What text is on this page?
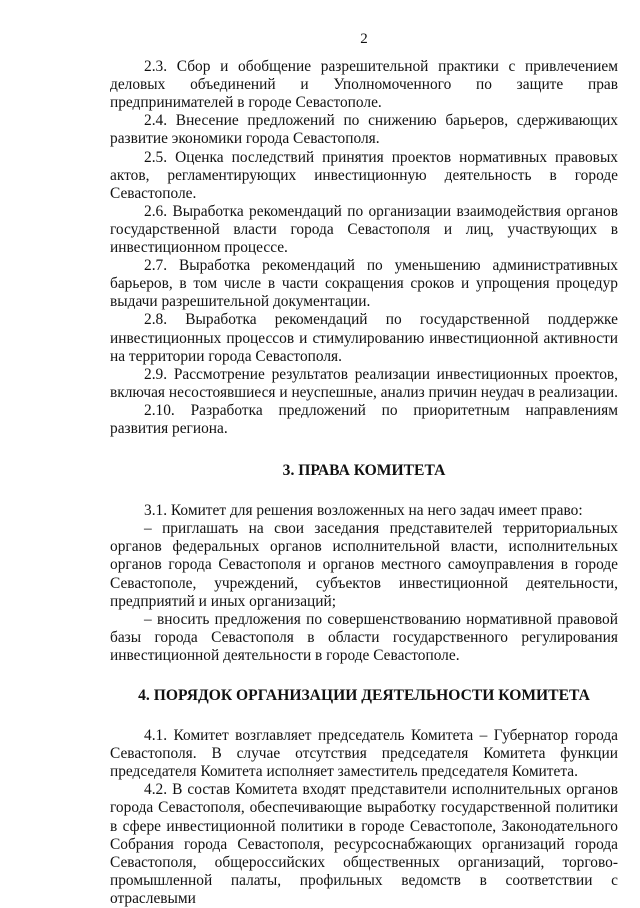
2

2.3. Сбор и обобщение разрешительной практики с привлечением деловых объединений и Уполномоченного по защите прав предпринимателей в городе Севастополе.

2.4. Внесение предложений по снижению барьеров, сдерживающих развитие экономики города Севастополя.

2.5. Оценка последствий принятия проектов нормативных правовых актов, регламентирующих инвестиционную деятельность в городе Севастополе.

2.6. Выработка рекомендаций по организации взаимодействия органов государственной власти города Севастополя и лиц, участвующих в инвестиционном процессе.

2.7. Выработка рекомендаций по уменьшению административных барьеров, в том числе в части сокращения сроков и упрощения процедур выдачи разрешительной документации.

2.8. Выработка рекомендаций по государственной поддержке инвестиционных процессов и стимулированию инвестиционной активности на территории города Севастополя.

2.9. Рассмотрение результатов реализации инвестиционных проектов, включая несостоявшиеся и неуспешные, анализ причин неудач в реализации.

2.10. Разработка предложений по приоритетным направлениям развития региона.

3. ПРАВА КОМИТЕТА

3.1. Комитет для решения возложенных на него задач имеет право:

– приглашать на свои заседания представителей территориальных органов федеральных органов исполнительной власти, исполнительных органов города Севастополя и органов местного самоуправления в городе Севастополе, учреждений, субъектов инвестиционной деятельности, предприятий и иных организаций;

– вносить предложения по совершенствованию нормативной правовой базы города Севастополя в области государственного регулирования инвестиционной деятельности в городе Севастополе.

4. ПОРЯДОК ОРГАНИЗАЦИИ ДЕЯТЕЛЬНОСТИ КОМИТЕТА

4.1. Комитет возглавляет председатель Комитета – Губернатор города Севастополя. В случае отсутствия председателя Комитета функции председателя Комитета исполняет заместитель председателя Комитета.

4.2. В состав Комитета входят представители исполнительных органов города Севастополя, обеспечивающие выработку государственной политики в сфере инвестиционной политики в городе Севастополе, Законодательного Собрания города Севастополя, ресурсоснабжающих организаций города Севастополя, общероссийских общественных организаций, торгово-промышленной палаты, профильных ведомств в соответствии с отраслевыми
